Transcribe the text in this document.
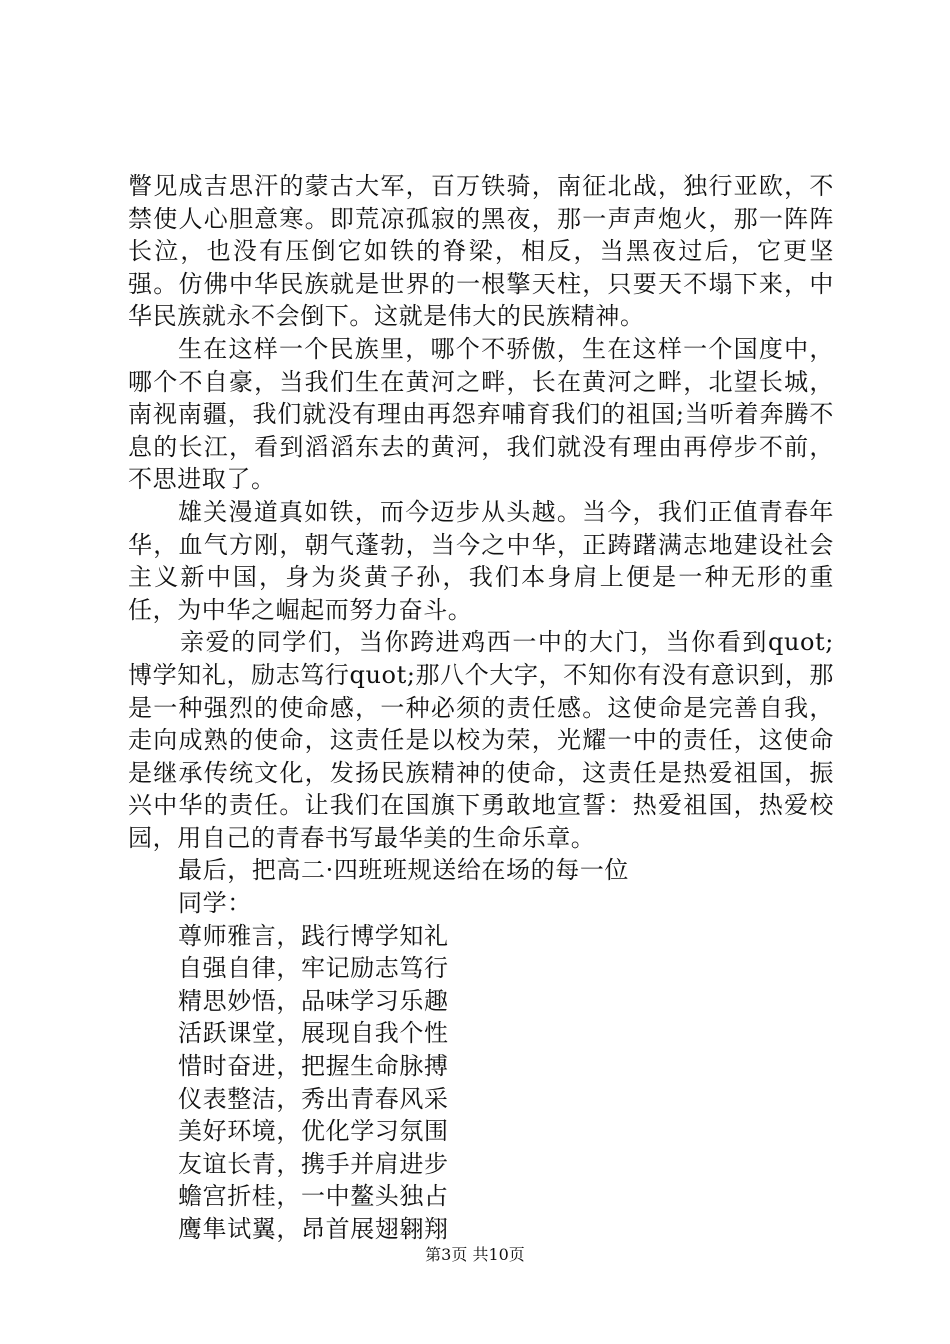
瞥见成吉思汗的蒙古大军，百万铁骑，南征北战，独行亚欧，不禁使人心胆意寒。即荒凉孤寂的黑夜，那一声声炮火，那一阵阵长泣，也没有压倒它如铁的脊梁，相反，当黑夜过后，它更坚强。仿佛中华民族就是世界的一根擎天柱，只要天不塌下来，中华民族就永不会倒下。这就是伟大的民族精神。

生在这样一个民族里，哪个不骄傲，生在这样一个国度中，哪个不自豪，当我们生在黄河之畔，长在黄河之畔，北望长城，南视南疆，我们就没有理由再怨弃哺育我们的祖国;当听着奔腾不息的长江，看到滔滔东去的黄河，我们就没有理由再停步不前，不思进取了。

雄关漫道真如铁，而今迈步从头越。当今，我们正值青春年华，血气方刚，朝气蓬勃，当今之中华，正踌躇满志地建设社会主义新中国，身为炎黄子孙，我们本身肩上便是一种无形的重任，为中华之崛起而努力奋斗。

亲爱的同学们，当你跨进鸡西一中的大门，当你看到quot;博学知礼，励志笃行quot;那八个大字，不知你有没有意识到，那是一种强烈的使命感，一种必须的责任感。这使命是完善自我，走向成熟的使命，这责任是以校为荣，光耀一中的责任，这使命是继承传统文化，发扬民族精神的使命，这责任是热爱祖国，振兴中华的责任。让我们在国旗下勇敢地宣誓：热爱祖国，热爱校园，用自己的青春书写最华美的生命乐章。

最后，把高二·四班班规送给在场的每一位

同学：

尊师雅言，践行博学知礼

自强自律，牢记励志笃行

精思妙悟，品味学习乐趣

活跃课堂，展现自我个性

惜时奋进，把握生命脉搏

仪表整洁，秀出青春风采

美好环境，优化学习氛围

友谊长青，携手并肩进步

蟾宫折桂，一中鳌头独占

鹰隼试翼，昂首展翅翱翔

第3页 共10页
